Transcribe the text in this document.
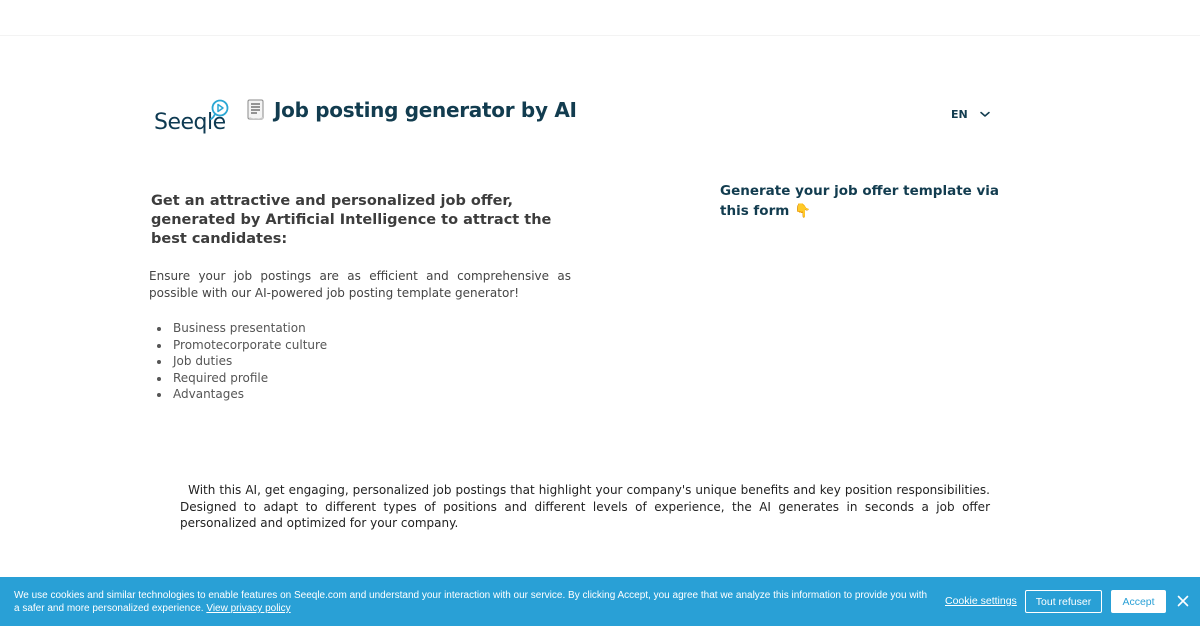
Seeqle Job posting generator by AI	EN
Get an attractive and personalized job offer, generated by Artificial Intelligence to attract the best candidates:

Ensure your job postings are as efficient and comprehensive as possible with our AI-powered job posting template generator!

• Business presentation
• Promotecorporate culture
• Job duties
• Required profile
• Advantages
Generate your job offer template via this form 👇

With this AI, get engaging, personalized job postings that highlight your company's unique benefits and key position responsibilities. Designed to adapt to different types of positions and different levels of experience, the AI generates in seconds a job offer personalized and optimized for your company.

We use cookies and similar technologies to enable features on Seeqle.com and understand your interaction with our service. By clicking Accept, you agree that we analyze this information to provide you with a safer and more personalized experience. View privacy policy
Cookie settings	Tout refuser	Accept
